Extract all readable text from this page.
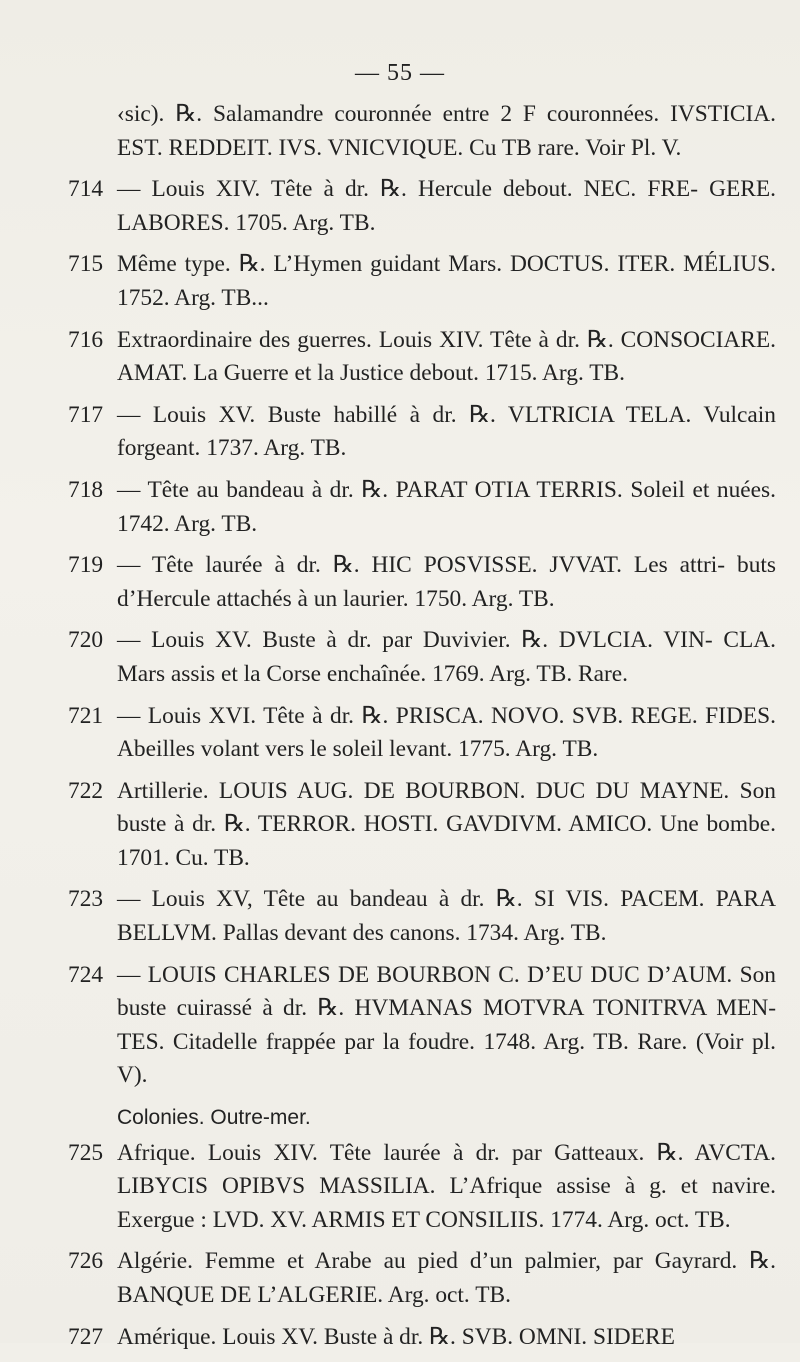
— 55 —
‹sic). ℞. Salamandre couronnée entre 2 F couronnées. IVSTICIA. EST. REDDEIT. IVS. VNICVIQUE. Cu TB rare. Voir Pl. V.
714 — Louis XIV. Tête à dr. ℞. Hercule debout. NEC. FRE- GERE. LABORES. 1705. Arg. TB.
715 Même type. ℞. L’Hymen guidant Mars. DOCTUS. ITER. MÉLIUS. 1752. Arg. TB...
716 Extraordinaire des guerres. Louis XIV. Tête à dr. ℞. CONSOCIARE. AMAT. La Guerre et la Justice debout. 1715. Arg. TB.
717 — Louis XV. Buste habillé à dr. ℞. VLTRICIA TELA. Vulcain forgeant. 1737. Arg. TB.
718 — Tête au bandeau à dr. ℞. PARAT OTIA TERRIS. Soleil et nuées. 1742. Arg. TB.
719 — Tête laurée à dr. ℞. HIC POSVISSE. JVVAT. Les attri- buts d’Hercule attachés à un laurier. 1750. Arg. TB.
720 — Louis XV. Buste à dr. par Duvivier. ℞. DVLCIA. VIN- CLA. Mars assis et la Corse enchaînée. 1769. Arg. TB. Rare.
721 — Louis XVI. Tête à dr. ℞. PRISCA. NOVO. SVB. REGE. FIDES. Abeilles volant vers le soleil levant. 1775. Arg. TB.
722 Artillerie. LOUIS AUG. DE BOURBON. DUC DU MAYNE. Son buste à dr. ℞. TERROR. HOSTI. GAVDIVM. AMICO. Une bombe. 1701. Cu. TB.
723 — Louis XV, Tête au bandeau à dr. ℞. SI VIS. PACEM. PARA BELLVM. Pallas devant des canons. 1734. Arg. TB.
724 — LOUIS CHARLES DE BOURBON C. D’EU DUC D’AUM. Son buste cuirassé à dr. ℞. HVMANAS MOTVRA TONITRVA MEN- TES. Citadelle frappée par la foudre. 1748. Arg. TB. Rare. (Voir pl. V).
Colonies. Outre-mer.
725 Afrique. Louis XIV. Tête laurée à dr. par Gatteaux. ℞. AVCTA. LIBYCIS OPIBVS MASSILIA. L’Afrique assise à g. et navire. Exergue : LVD. XV. ARMIS ET CONSILIIS. 1774. Arg. oct. TB.
726 Algérie. Femme et Arabe au pied d’un palmier, par Gayrard. ℞. BANQUE DE L’ALGERIE. Arg. oct. TB.
727 Amérique. Louis XV. Buste à dr. ℞. SVB. OMNI. SIDERE
